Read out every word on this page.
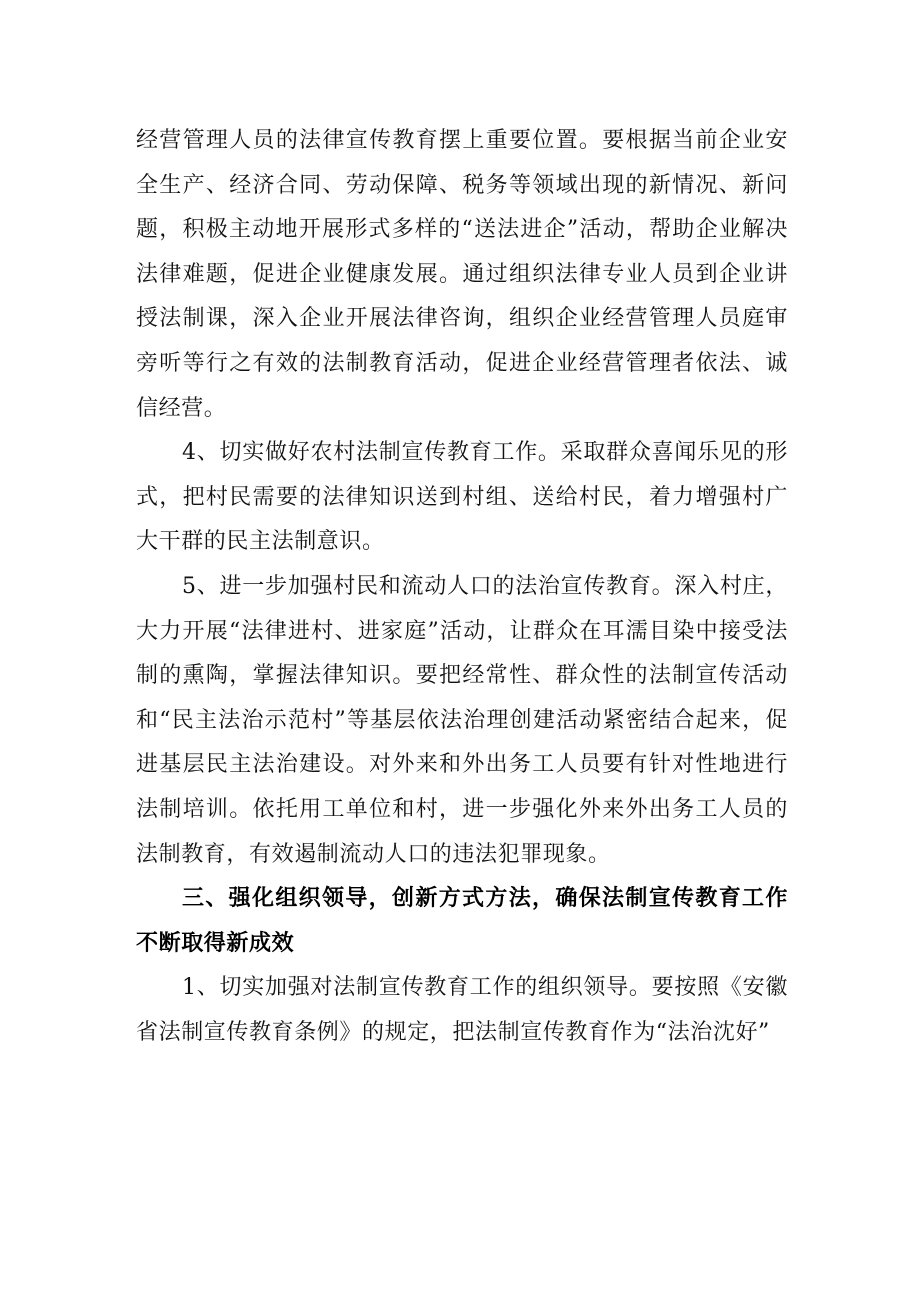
经营管理人员的法律宣传教育摆上重要位置。要根据当前企业安全生产、经济合同、劳动保障、税务等领域出现的新情况、新问题，积极主动地开展形式多样的“送法进企”活动，帮助企业解决法律难题，促进企业健康发展。通过组织法律专业人员到企业讲授法制课，深入企业开展法律咨询，组织企业经营管理人员庭审旁听等行之有效的法制教育活动，促进企业经营管理者依法、诚信经营。

4、切实做好农村法制宣传教育工作。采取群众喜闻乐见的形式，把村民需要的法律知识送到村组、送给村民，着力增强村广大干群的民主法制意识。

5、进一步加强村民和流动人口的法治宣传教育。深入村庄，大力开展“法律进村、进家庭”活动，让群众在耳濡目染中接受法制的熏陶，掌握法律知识。要把经常性、群众性的法制宣传活动和“民主法治示范村”等基层依法治理创建活动紧密结合起来，促进基层民主法治建设。对外来和外出务工人员要有针对性地进行法制培训。依托用工单位和村，进一步强化外来外出务工人员的法制教育，有效遏制流动人口的违法犯罪现象。

三、强化组织领导，创新方式方法，确保法制宣传教育工作不断取得新成效

1、切实加强对法制宣传教育工作的组织领导。要按照《安徽省法制宣传教育条例》的规定，把法制宣传教育作为“法治沈好”
